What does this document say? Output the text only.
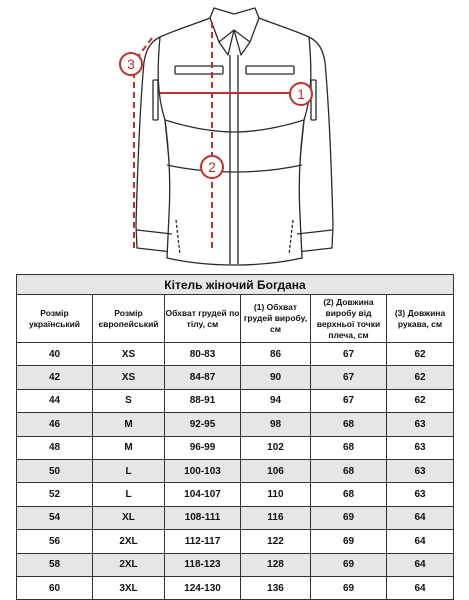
1
2
3
Кітель жіночий Богдана					
Розмір український	Розмір європейський	Обхват грудей по тілу, см	(1) Обхват грудей виробу, см	(2) Довжина виробу від верхньої точки плеча, см	(3) Довжина рукава, см
40	XS	80-83	86	67	62
42	XS	84-87	90	67	62
44	S	88-91	94	67	62
46	M	92-95	98	68	63
48	M	96-99	102	68	63
50	L	100-103	106	68	63
52	L	104-107	110	68	63
54	XL	108-111	116	69	64
56	2XL	112-117	122	69	64
58	2XL	118-123	128	69	64
60	3XL	124-130	136	69	64
